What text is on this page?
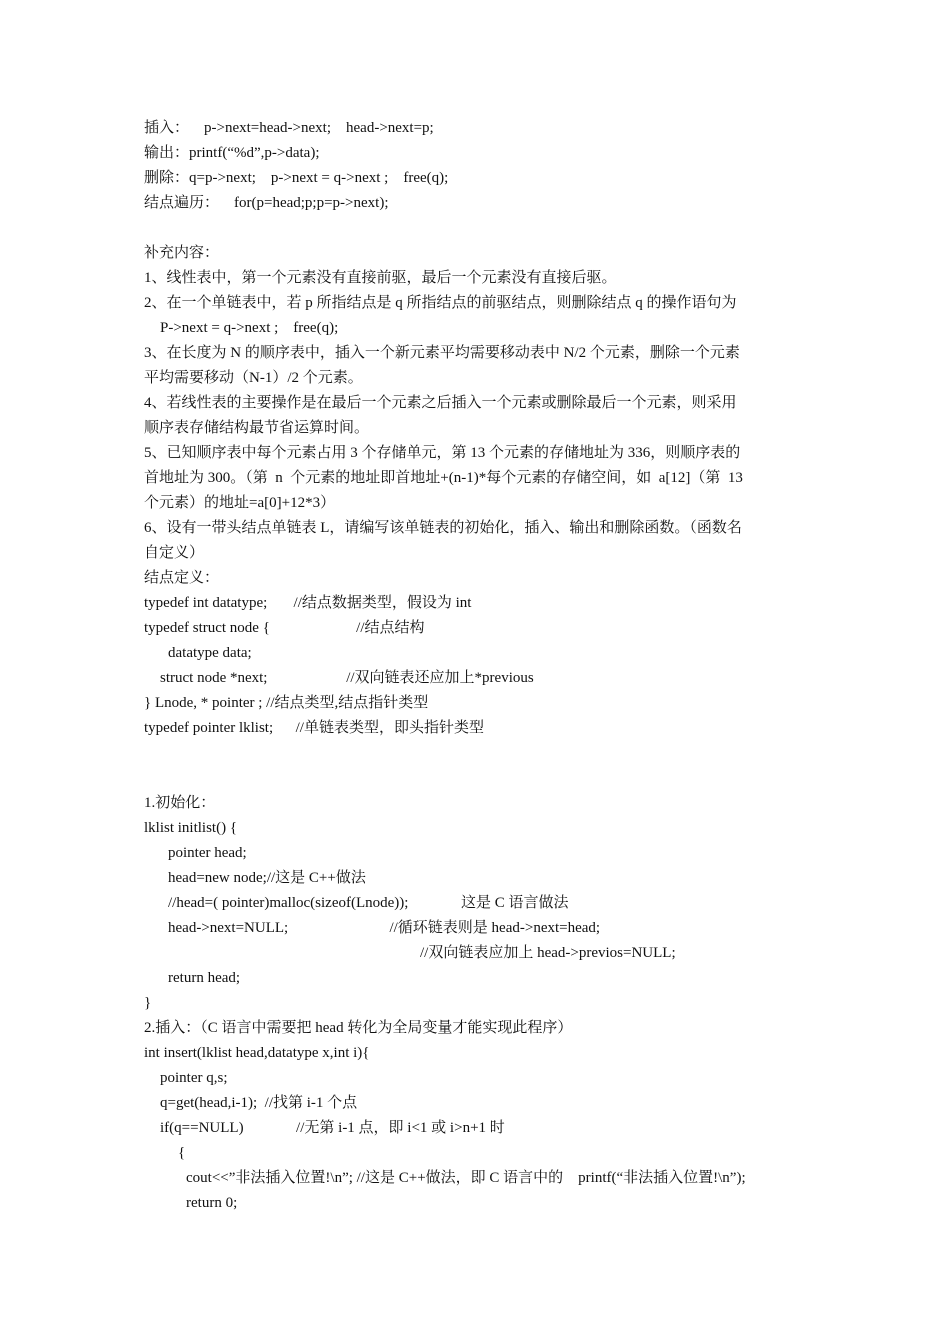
插入：    p->next=head->next;    head->next=p;
输出：printf(“%d”,p->data);
删除：q=p->next;    p->next = q->next ;    free(q);
结点遍历：    for(p=head;p;p=p->next);
补充内容：
1、线性表中，第一个元素没有直接前驱，最后一个元素没有直接后驱。
2、在一个单链表中，若 p 所指结点是 q 所指结点的前驱结点，则删除结点 q 的操作语句为
P->next = q->next ;    free(q);
3、在长度为 N 的顺序表中，插入一个新元素平均需要移动表中 N/2 个元素，删除一个元素
平均需要移动（N-1）/2 个元素。
4、若线性表的主要操作是在最后一个元素之后插入一个元素或删除最后一个元素，则采用
顺序表存储结构最节省运算时间。
5、已知顺序表中每个元素占用 3 个存储单元，第 13 个元素的存储地址为 336，则顺序表的
首地址为 300。（第  n  个元素的地址即首地址+(n-1)*每个元素的存储空间，如  a[12]（第  13
个元素）的地址=a[0]+12*3）
6、设有一带头结点单链表 L，请编写该单链表的初始化，插入、输出和删除函数。（函数名
自定义）
结点定义：
typedef int datatype;       //结点数据类型，假设为 int
typedef struct node {                       //结点结构
datatype data;
struct node *next;                     //双向链表还应加上*previous
} Lnode, * pointer ; //结点类型,结点指针类型
typedef pointer lklist;      //单链表类型，即头指针类型
1.初始化：
lklist initlist() {
pointer head;
head=new node;//这是 C++做法
//head=( pointer)malloc(sizeof(Lnode));              这是 C 语言做法
head->next=NULL;                           //循环链表则是 head->next=head;
//双向链表应加上 head->previos=NULL;
return head;
}
2.插入：（C 语言中需要把 head 转化为全局变量才能实现此程序）
int insert(lklist head,datatype x,int i){
pointer q,s;
q=get(head,i-1);  //找第 i-1 个点
if(q==NULL)              //无第 i-1 点，即 i<1 或 i>n+1 时
{
cout<<”非法插入位置!\n”; //这是 C++做法，即 C 语言中的    printf(“非法插入位置!\n”);
return 0;
